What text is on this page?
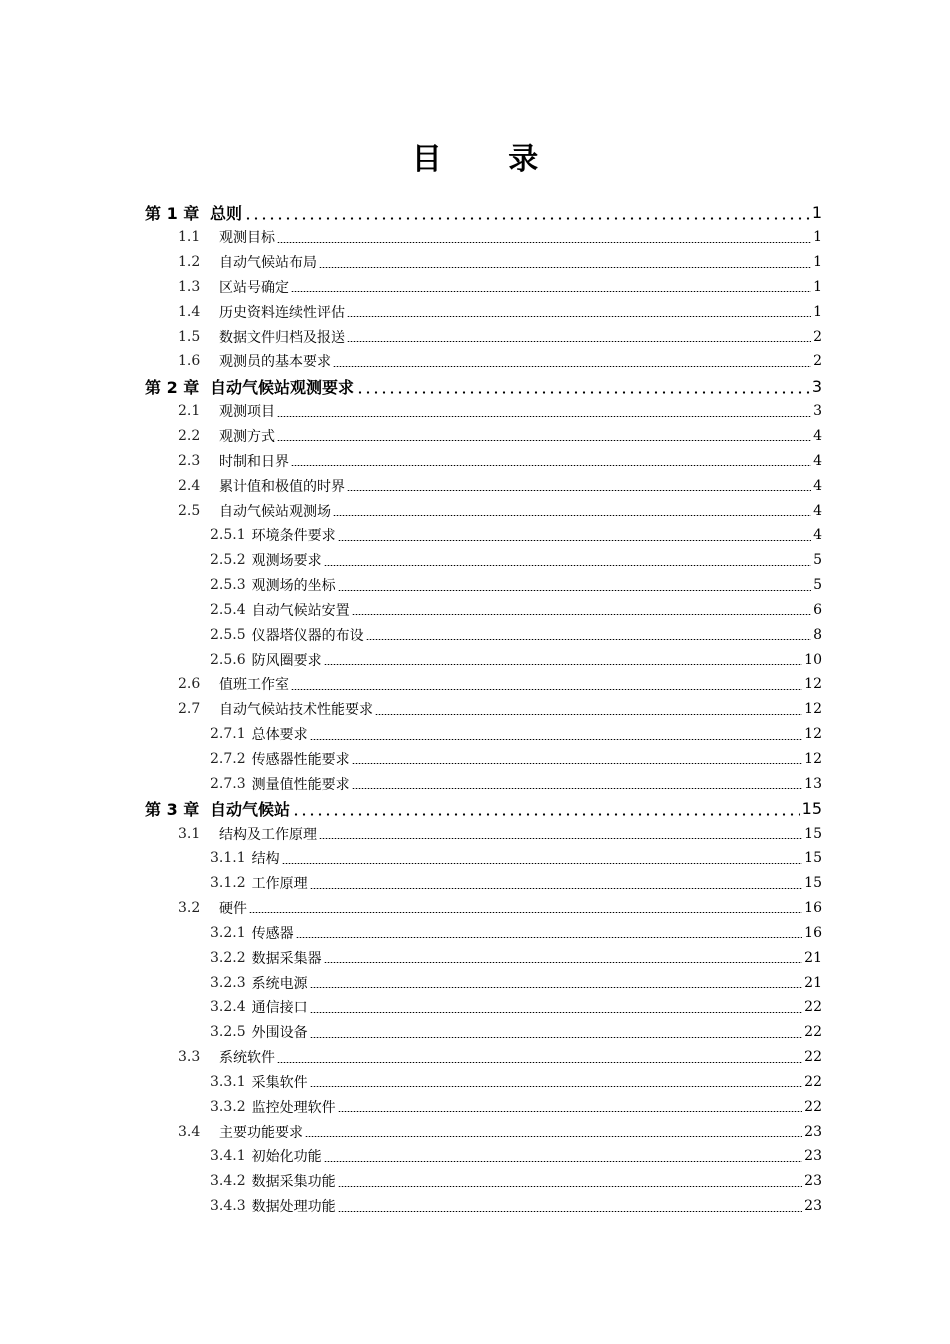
目 录
第 1 章 总则	1
1.1	观测目标	1
1.2	自动气候站布局	1
1.3	区站号确定	1
1.4	历史资料连续性评估	1
1.5	数据文件归档及报送	2
1.6	观测员的基本要求	2
第 2 章 自动气候站观测要求	3
2.1	观测项目	3
2.2	观测方式	4
2.3	时制和日界	4
2.4	累计值和极值的时界	4
2.5	自动气候站观测场	4
2.5.1 环境条件要求	4
2.5.2 观测场要求	5
2.5.3 观测场的坐标	5
2.5.4 自动气候站安置	6
2.5.5 仪器塔仪器的布设	8
2.5.6 防风圈要求	10
2.6	值班工作室	12
2.7	自动气候站技术性能要求	12
2.7.1 总体要求	12
2.7.2 传感器性能要求	12
2.7.3 测量值性能要求	13
第 3 章 自动气候站	15
3.1	结构及工作原理	15
3.1.1 结构	15
3.1.2 工作原理	15
3.2	硬件	16
3.2.1 传感器	16
3.2.2 数据采集器	21
3.2.3 系统电源	21
3.2.4 通信接口	22
3.2.5 外围设备	22
3.3	系统软件	22
3.3.1 采集软件	22
3.3.2 监控处理软件	22
3.4	主要功能要求	23
3.4.1 初始化功能	23
3.4.2 数据采集功能	23
3.4.3 数据处理功能	23
